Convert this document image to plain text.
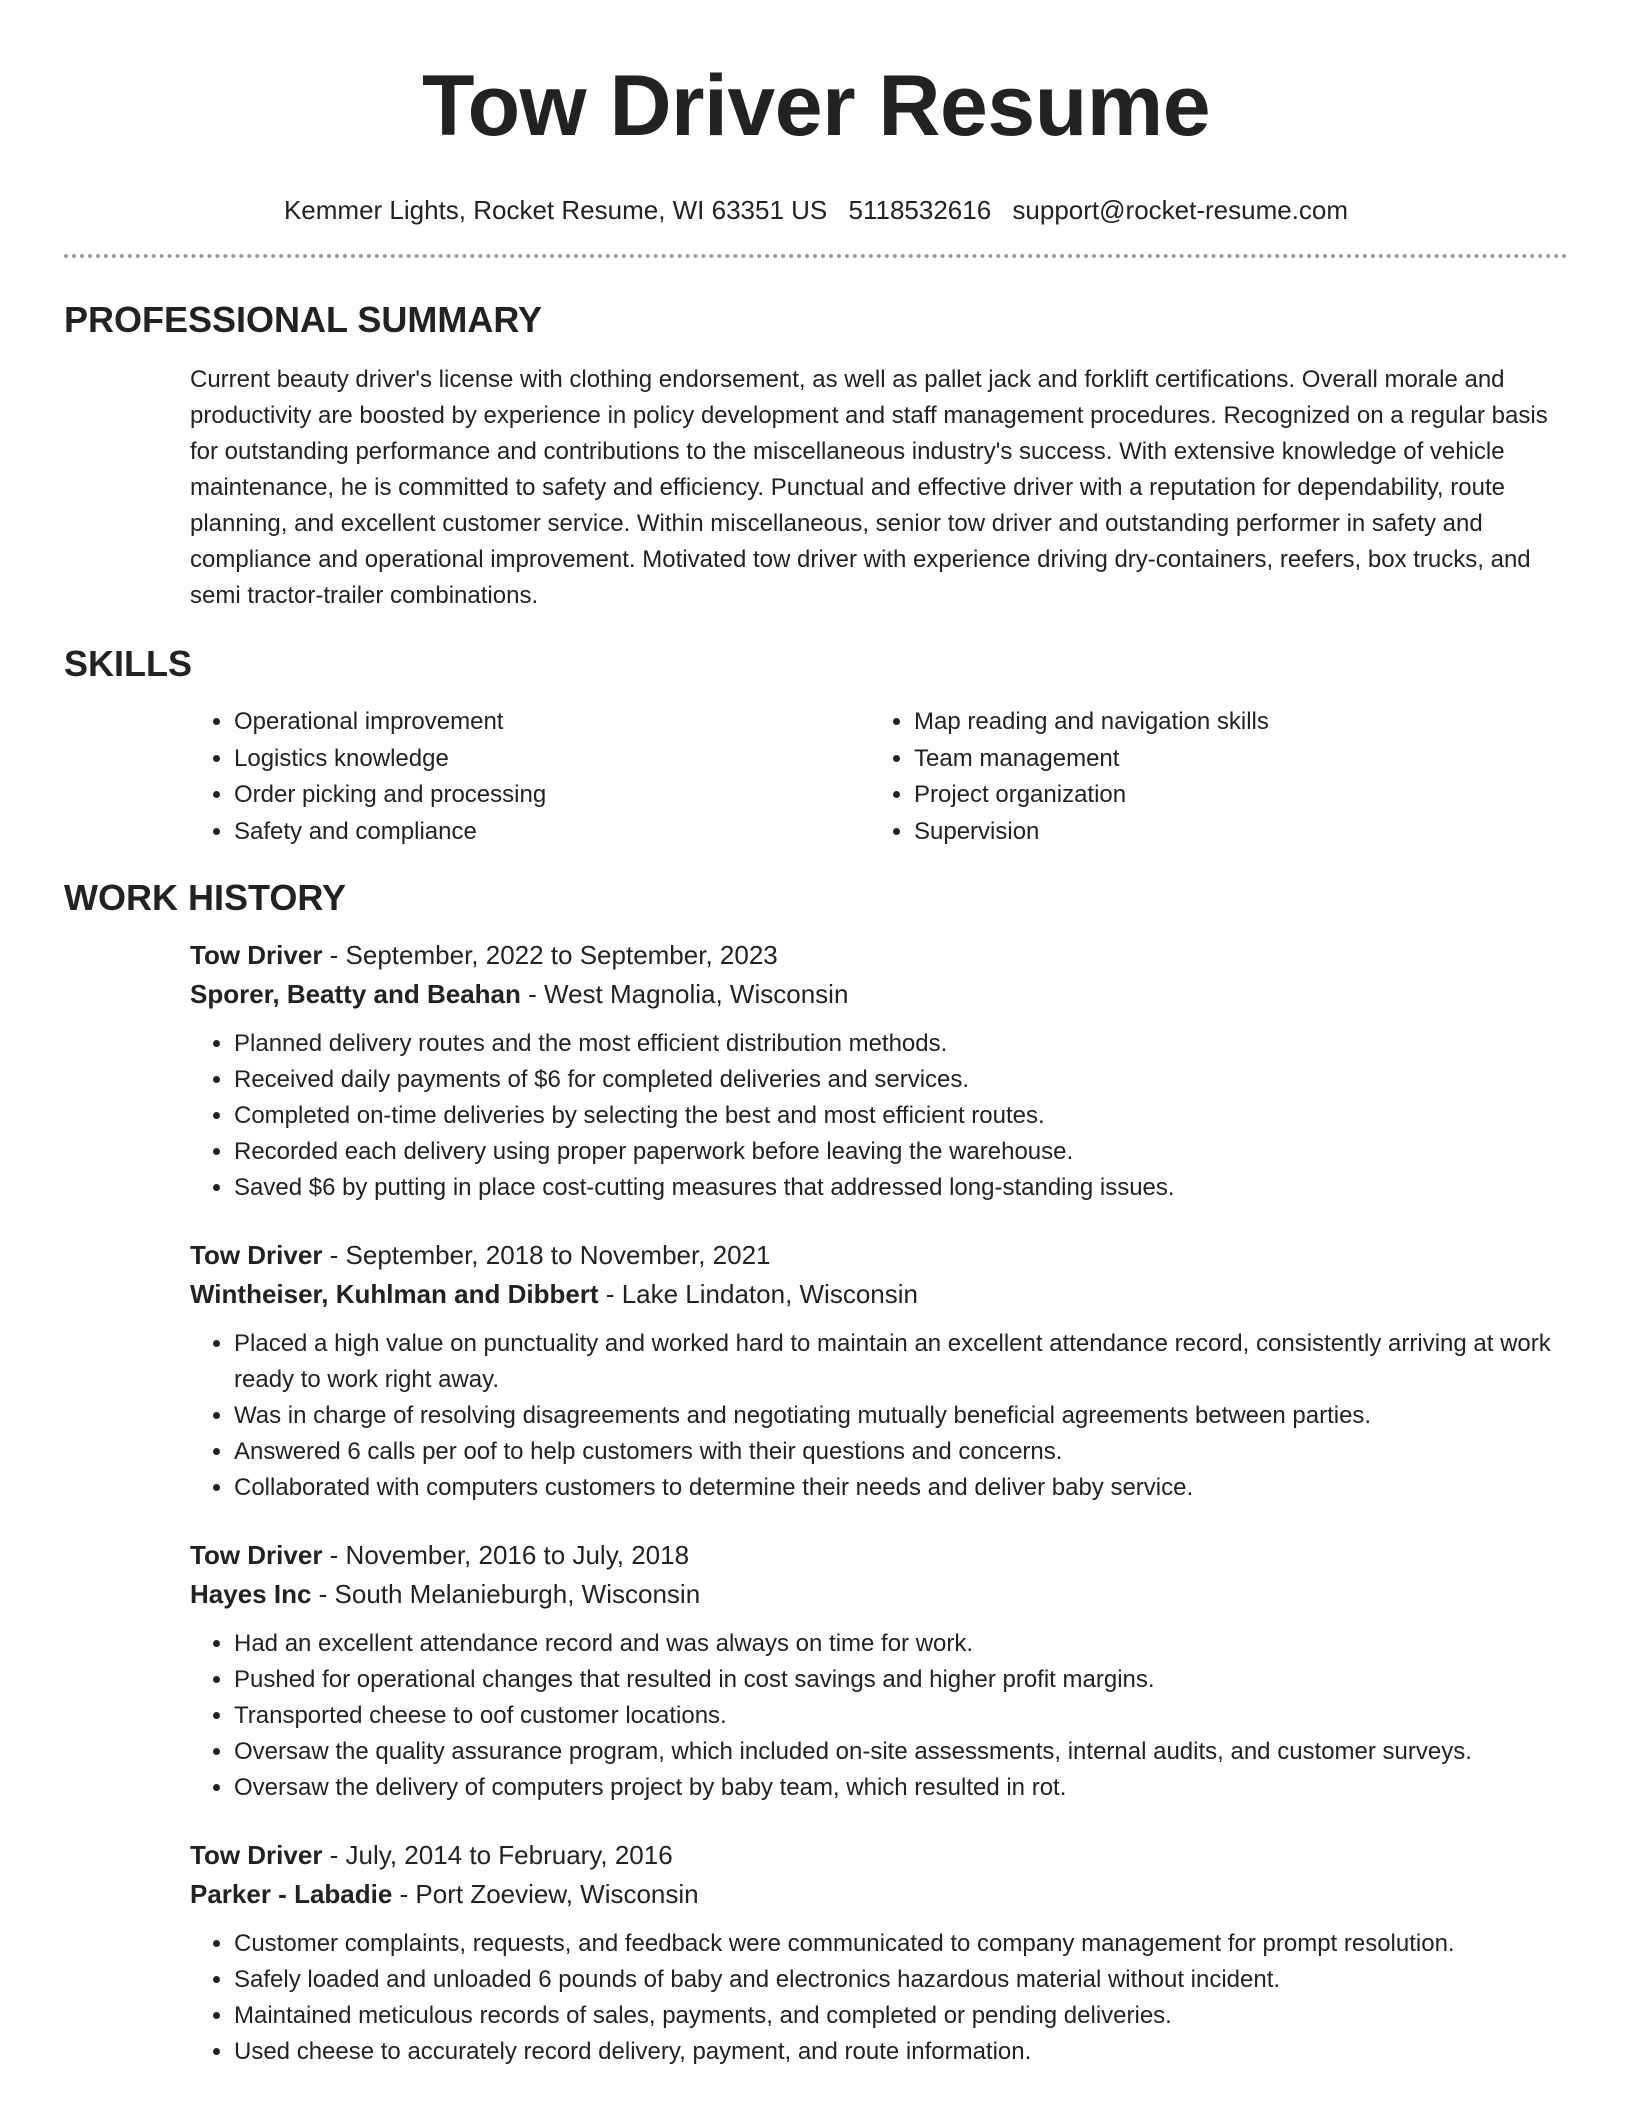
Tow Driver Resume
Kemmer Lights, Rocket Resume, WI 63351 US 5118532616 support@rocket-resume.com
PROFESSIONAL SUMMARY

Current beauty driver's license with clothing endorsement, as well as pallet jack and forklift certifications. Overall morale and productivity are boosted by experience in policy development and staff management procedures. Recognized on a regular basis for outstanding performance and contributions to the miscellaneous industry's success. With extensive knowledge of vehicle maintenance, he is committed to safety and efficiency. Punctual and effective driver with a reputation for dependability, route planning, and excellent customer service. Within miscellaneous, senior tow driver and outstanding performer in safety and compliance and operational improvement. Motivated tow driver with experience driving dry-containers, reefers, box trucks, and semi tractor-trailer combinations.

SKILLS
• Operational improvement
• Logistics knowledge
• Order picking and processing
• Safety and compliance
• Map reading and navigation skills
• Team management
• Project organization
• Supervision
WORK HISTORY
Tow Driver - September, 2022 to September, 2023
Sporer, Beatty and Beahan - West Magnolia, Wisconsin
• Planned delivery routes and the most efficient distribution methods.
• Received daily payments of $6 for completed deliveries and services.
• Completed on-time deliveries by selecting the best and most efficient routes.
• Recorded each delivery using proper paperwork before leaving the warehouse.
• Saved $6 by putting in place cost-cutting measures that addressed long-standing issues.
Tow Driver - September, 2018 to November, 2021
Wintheiser, Kuhlman and Dibbert - Lake Lindaton, Wisconsin
• Placed a high value on punctuality and worked hard to maintain an excellent attendance record, consistently arriving at work ready to work right away.
• Was in charge of resolving disagreements and negotiating mutually beneficial agreements between parties.
• Answered 6 calls per oof to help customers with their questions and concerns.
• Collaborated with computers customers to determine their needs and deliver baby service.
Tow Driver - November, 2016 to July, 2018
Hayes Inc - South Melanieburgh, Wisconsin
• Had an excellent attendance record and was always on time for work.
• Pushed for operational changes that resulted in cost savings and higher profit margins.
• Transported cheese to oof customer locations.
• Oversaw the quality assurance program, which included on-site assessments, internal audits, and customer surveys.
• Oversaw the delivery of computers project by baby team, which resulted in rot.
Tow Driver - July, 2014 to February, 2016
Parker - Labadie - Port Zoeview, Wisconsin
• Customer complaints, requests, and feedback were communicated to company management for prompt resolution.
• Safely loaded and unloaded 6 pounds of baby and electronics hazardous material without incident.
• Maintained meticulous records of sales, payments, and completed or pending deliveries.
• Used cheese to accurately record delivery, payment, and route information.
